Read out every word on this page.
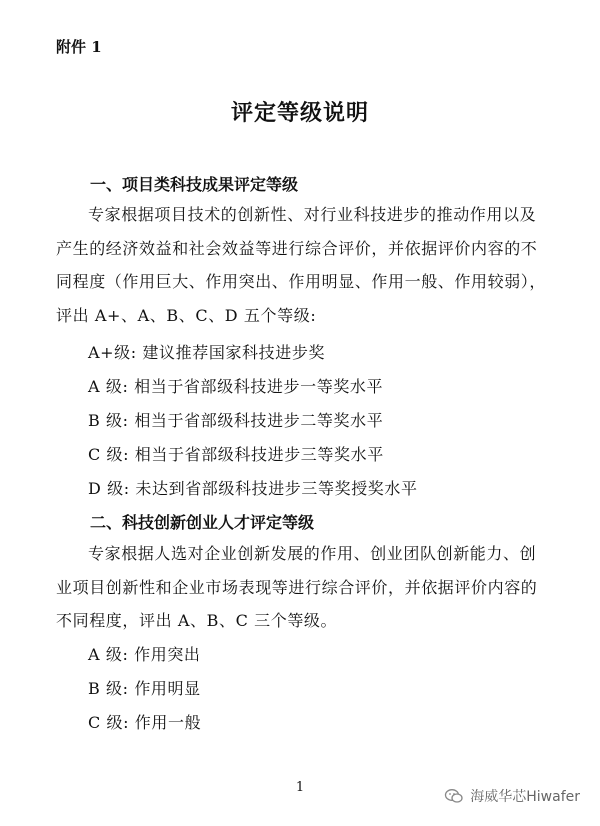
附件 1
评定等级说明
一、项目类科技成果评定等级
专家根据项目技术的创新性、对行业科技进步的推动作用以及产生的经济效益和社会效益等进行综合评价，并依据评价内容的不同程度（作用巨大、作用突出、作用明显、作用一般、作用较弱），评出 A+、A、B、C、D 五个等级:
A+级: 建议推荐国家科技进步奖
A 级: 相当于省部级科技进步一等奖水平
B 级: 相当于省部级科技进步二等奖水平
C 级: 相当于省部级科技进步三等奖水平
D 级: 未达到省部级科技进步三等奖授奖水平
二、科技创新创业人才评定等级
专家根据人选对企业创新发展的作用、创业团队创新能力、创业项目创新性和企业市场表现等进行综合评价，并依据评价内容的不同程度，评出 A、B、C 三个等级。
A 级: 作用突出
B 级: 作用明显
C 级: 作用一般
1
海威华芯Hiwafer
